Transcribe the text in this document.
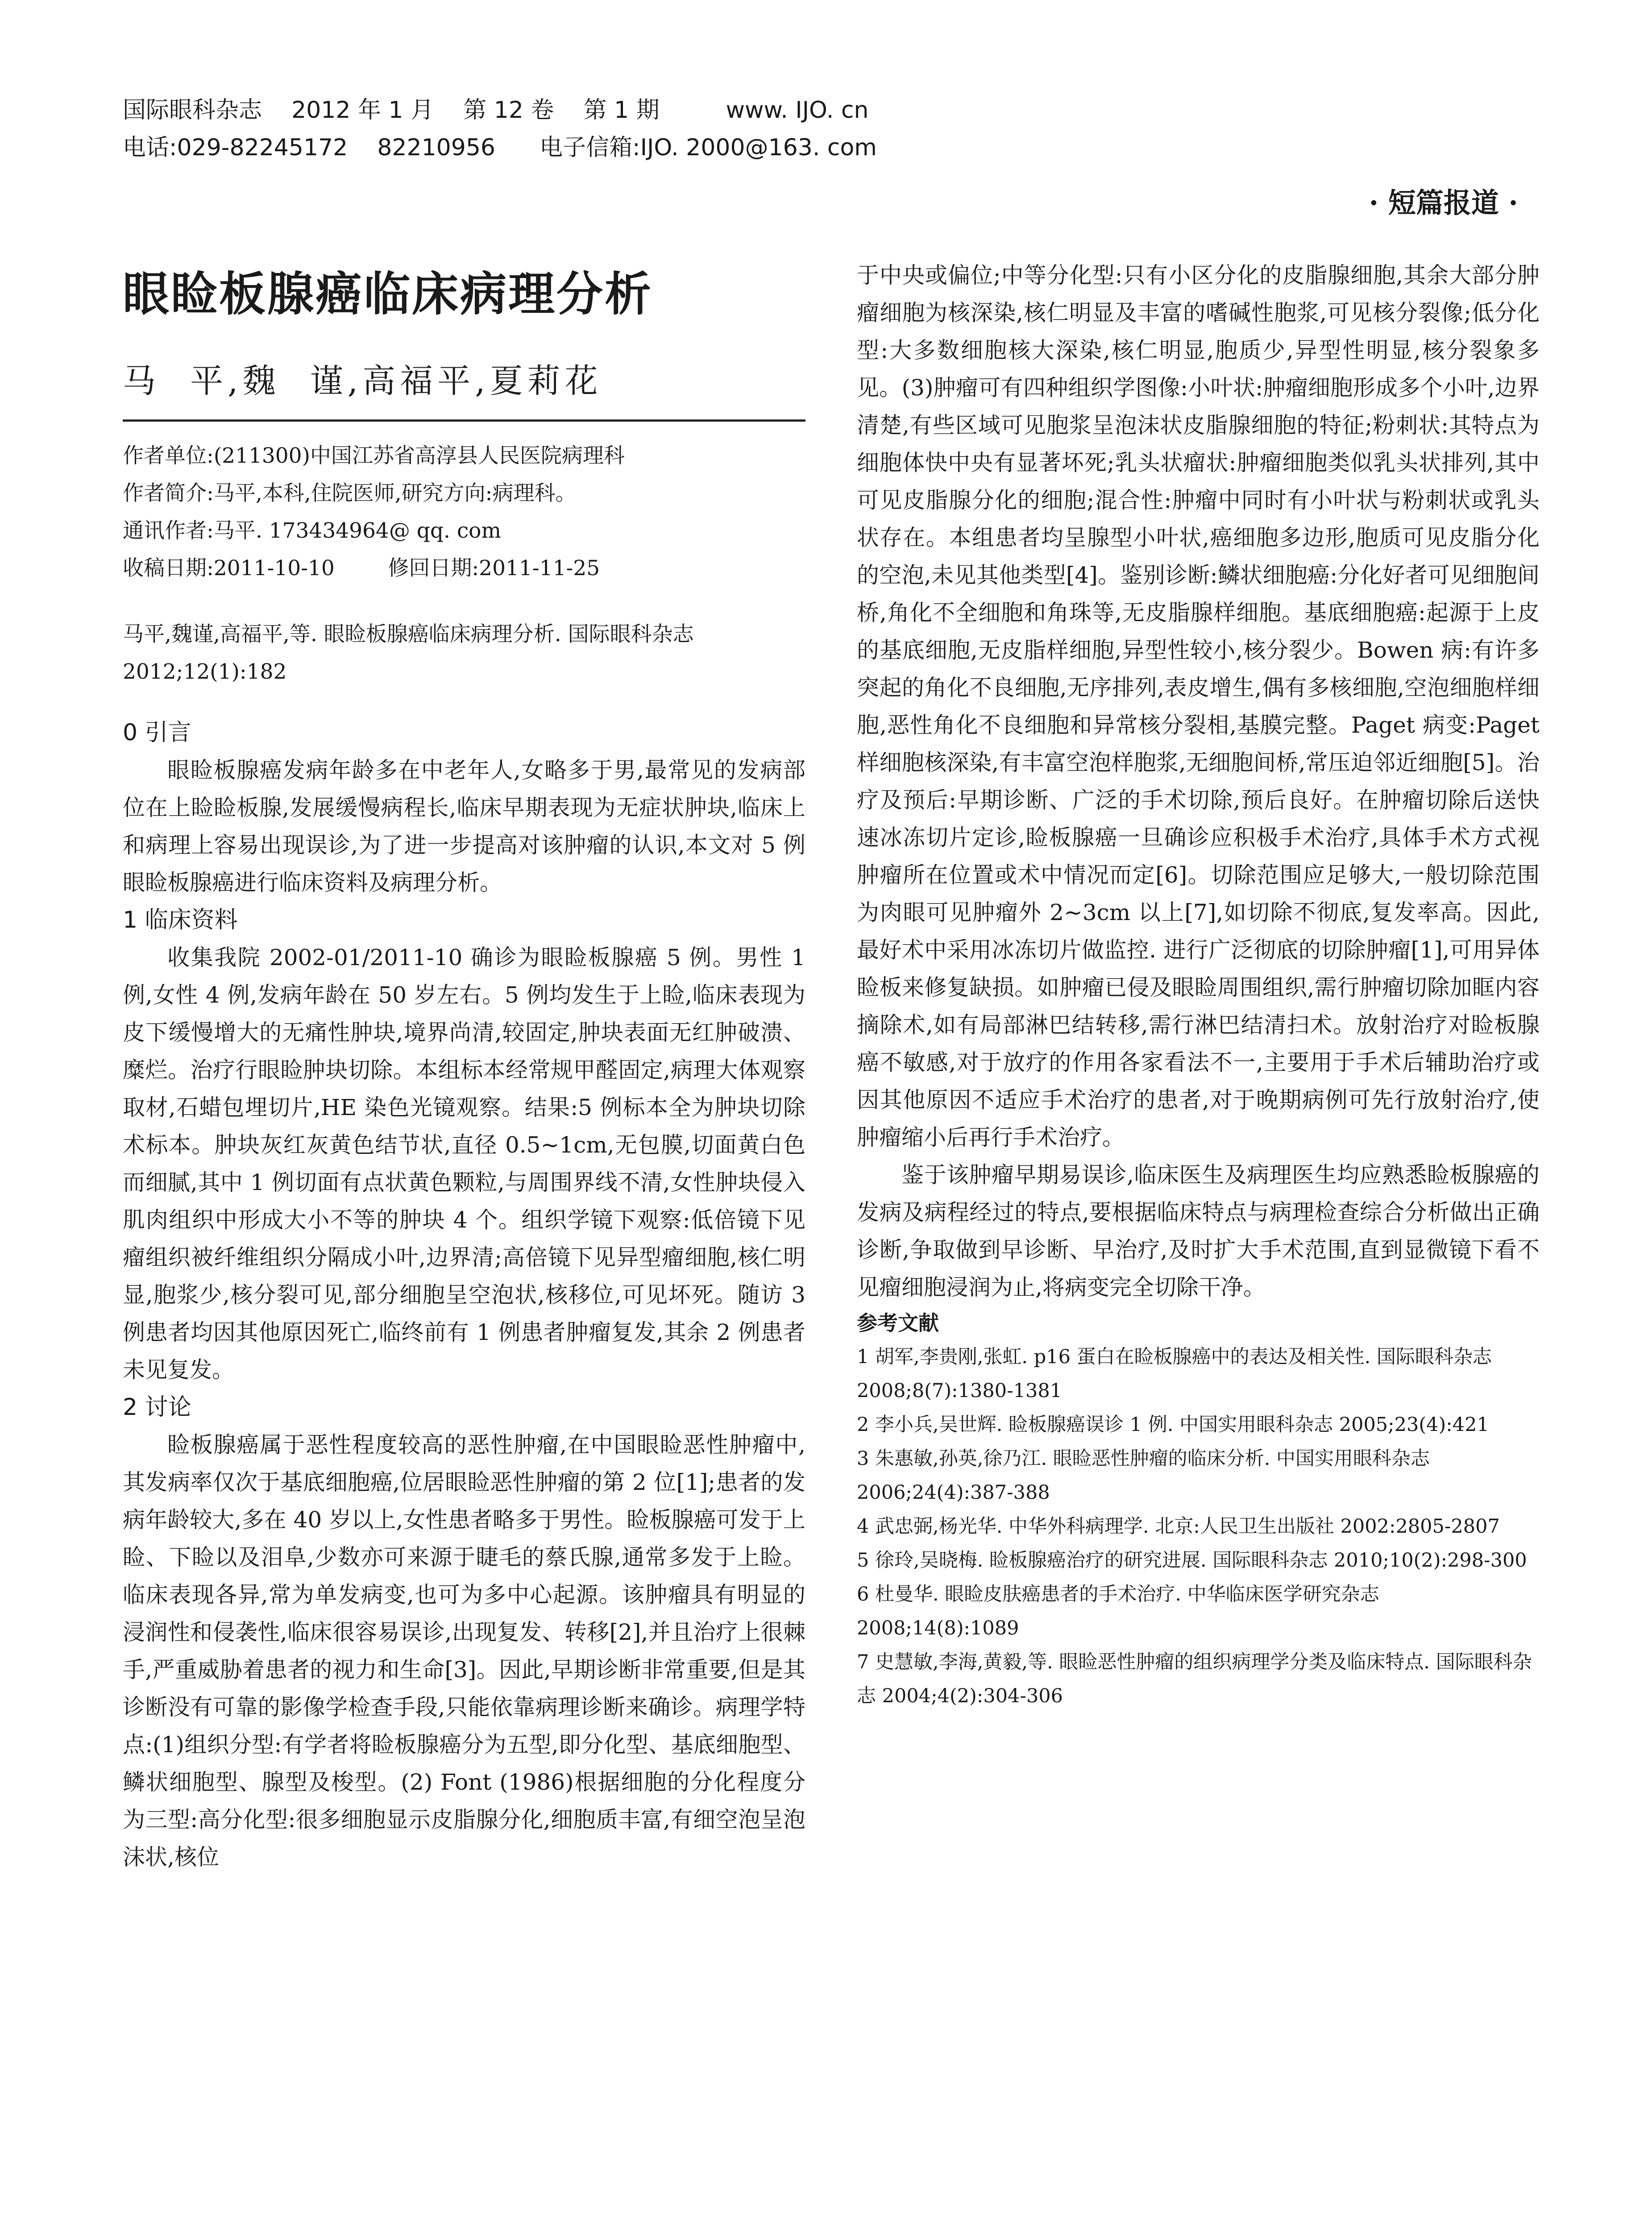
国际眼科杂志    2012 年 1 月    第 12 卷    第 1 期         www. IJO. cn
电话:029-82245172    82210956      电子信箱:IJO. 2000@163. com
· 短篇报道 ·
眼睑板腺癌临床病理分析
马  平,魏  谨,高福平,夏莉花
作者单位:(211300)中国江苏省高淳县人民医院病理科
作者简介:马平,本科,住院医师,研究方向:病理科。
通讯作者:马平. 173434964@ qq. com
收稿日期:2011-10-10        修回日期:2011-11-25
马平,魏谨,高福平,等. 眼睑板腺癌临床病理分析. 国际眼科杂志 2012;12(1):182
0 引言

眼睑板腺癌发病年龄多在中老年人,女略多于男,最常见的发病部位在上睑睑板腺,发展缓慢病程长,临床早期表现为无症状肿块,临床上和病理上容易出现误诊,为了进一步提高对该肿瘤的认识,本文对 5 例眼睑板腺癌进行临床资料及病理分析。

1 临床资料

收集我院 2002-01/2011-10 确诊为眼睑板腺癌 5 例。男性 1 例,女性 4 例,发病年龄在 50 岁左右。5 例均发生于上睑,临床表现为皮下缓慢增大的无痛性肿块,境界尚清,较固定,肿块表面无红肿破溃、糜烂。治疗行眼睑肿块切除。本组标本经常规甲醛固定,病理大体观察取材,石蜡包埋切片,HE 染色光镜观察。结果:5 例标本全为肿块切除术标本。肿块灰红灰黄色结节状,直径 0.5~1cm,无包膜,切面黄白色而细腻,其中 1 例切面有点状黄色颗粒,与周围界线不清,女性肿块侵入肌肉组织中形成大小不等的肿块 4 个。组织学镜下观察:低倍镜下见瘤组织被纤维组织分隔成小叶,边界清;高倍镜下见异型瘤细胞,核仁明显,胞浆少,核分裂可见,部分细胞呈空泡状,核移位,可见坏死。随访 3 例患者均因其他原因死亡,临终前有 1 例患者肿瘤复发,其余 2 例患者未见复发。

2 讨论

睑板腺癌属于恶性程度较高的恶性肿瘤,在中国眼睑恶性肿瘤中,其发病率仅次于基底细胞癌,位居眼睑恶性肿瘤的第 2 位[1];患者的发病年龄较大,多在 40 岁以上,女性患者略多于男性。睑板腺癌可发于上睑、下睑以及泪阜,少数亦可来源于睫毛的蔡氏腺,通常多发于上睑。临床表现各异,常为单发病变,也可为多中心起源。该肿瘤具有明显的浸润性和侵袭性,临床很容易误诊,出现复发、转移[2],并且治疗上很棘手,严重威胁着患者的视力和生命[3]。因此,早期诊断非常重要,但是其诊断没有可靠的影像学检查手段,只能依靠病理诊断来确诊。病理学特点:(1)组织分型:有学者将睑板腺癌分为五型,即分化型、基底细胞型、鳞状细胞型、腺型及梭型。(2) Font (1986)根据细胞的分化程度分为三型:高分化型:很多细胞显示皮脂腺分化,细胞质丰富,有细空泡呈泡沫状,核位

于中央或偏位;中等分化型:只有小区分化的皮脂腺细胞,其余大部分肿瘤细胞为核深染,核仁明显及丰富的嗜碱性胞浆,可见核分裂像;低分化型:大多数细胞核大深染,核仁明显,胞质少,异型性明显,核分裂象多见。(3)肿瘤可有四种组织学图像:小叶状:肿瘤细胞形成多个小叶,边界清楚,有些区域可见胞浆呈泡沫状皮脂腺细胞的特征;粉刺状:其特点为细胞体快中央有显著坏死;乳头状瘤状:肿瘤细胞类似乳头状排列,其中可见皮脂腺分化的细胞;混合性:肿瘤中同时有小叶状与粉刺状或乳头状存在。本组患者均呈腺型小叶状,癌细胞多边形,胞质可见皮脂分化的空泡,未见其他类型[4]。鉴别诊断:鳞状细胞癌:分化好者可见细胞间桥,角化不全细胞和角珠等,无皮脂腺样细胞。基底细胞癌:起源于上皮的基底细胞,无皮脂样细胞,异型性较小,核分裂少。Bowen 病:有许多突起的角化不良细胞,无序排列,表皮增生,偶有多核细胞,空泡细胞样细胞,恶性角化不良细胞和异常核分裂相,基膜完整。Paget 病变:Paget 样细胞核深染,有丰富空泡样胞浆,无细胞间桥,常压迫邻近细胞[5]。治疗及预后:早期诊断、广泛的手术切除,预后良好。在肿瘤切除后送快速冰冻切片定诊,睑板腺癌一旦确诊应积极手术治疗,具体手术方式视肿瘤所在位置或术中情况而定[6]。切除范围应足够大,一般切除范围为肉眼可见肿瘤外 2~3cm 以上[7],如切除不彻底,复发率高。因此,最好术中采用冰冻切片做监控. 进行广泛彻底的切除肿瘤[1],可用异体睑板来修复缺损。如肿瘤已侵及眼睑周围组织,需行肿瘤切除加眶内容摘除术,如有局部淋巴结转移,需行淋巴结清扫术。放射治疗对睑板腺癌不敏感,对于放疗的作用各家看法不一,主要用于手术后辅助治疗或因其他原因不适应手术治疗的患者,对于晚期病例可先行放射治疗,使肿瘤缩小后再行手术治疗。

鉴于该肿瘤早期易误诊,临床医生及病理医生均应熟悉睑板腺癌的发病及病程经过的特点,要根据临床特点与病理检查综合分析做出正确诊断,争取做到早诊断、早治疗,及时扩大手术范围,直到显微镜下看不见瘤细胞浸润为止,将病变完全切除干净。

参考文献

1 胡军,李贵刚,张虹. p16 蛋白在睑板腺癌中的表达及相关性. 国际眼科杂志 2008;8(7):1380-1381

2 李小兵,吴世辉. 睑板腺癌误诊 1 例. 中国实用眼科杂志 2005;23(4):421

3 朱惠敏,孙英,徐乃江. 眼睑恶性肿瘤的临床分析. 中国实用眼科杂志 2006;24(4):387-388

4 武忠弼,杨光华. 中华外科病理学. 北京:人民卫生出版社 2002:2805-2807

5 徐玲,吴晓梅. 睑板腺癌治疗的研究进展. 国际眼科杂志 2010;10(2):298-300

6 杜曼华. 眼睑皮肤癌患者的手术治疗. 中华临床医学研究杂志 2008;14(8):1089

7 史慧敏,李海,黄毅,等. 眼睑恶性肿瘤的组织病理学分类及临床特点. 国际眼科杂志 2004;4(2):304-306
